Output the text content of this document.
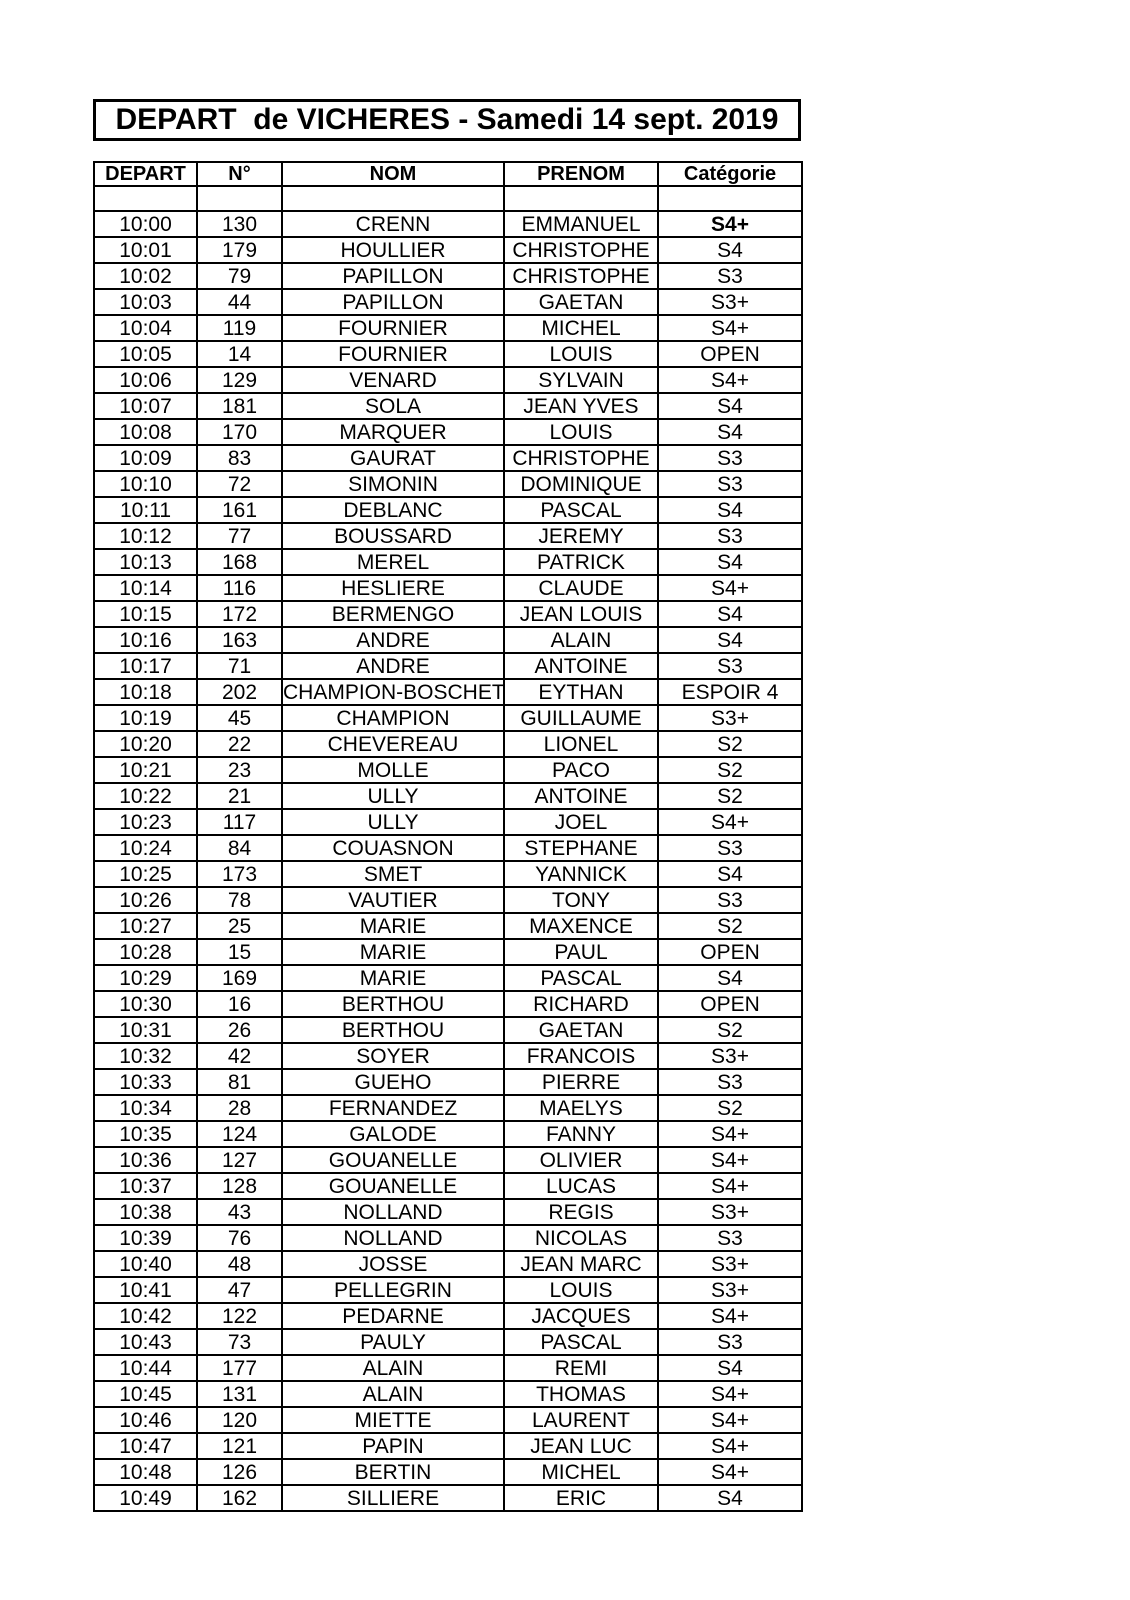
DEPART  de VICHERES - Samedi 14 sept. 2019
DEPART	N°	NOM	PRENOM	Catégorie

10:00	130	CRENN	EMMANUEL	S4+
10:01	179	HOULLIER	CHRISTOPHE	S4
10:02	79	PAPILLON	CHRISTOPHE	S3
10:03	44	PAPILLON	GAETAN	S3+
10:04	119	FOURNIER	MICHEL	S4+
10:05	14	FOURNIER	LOUIS	OPEN
10:06	129	VENARD	SYLVAIN	S4+
10:07	181	SOLA	JEAN YVES	S4
10:08	170	MARQUER	LOUIS	S4
10:09	83	GAURAT	CHRISTOPHE	S3
10:10	72	SIMONIN	DOMINIQUE	S3
10:11	161	DEBLANC	PASCAL	S4
10:12	77	BOUSSARD	JEREMY	S3
10:13	168	MEREL	PATRICK	S4
10:14	116	HESLIERE	CLAUDE	S4+
10:15	172	BERMENGO	JEAN LOUIS	S4
10:16	163	ANDRE	ALAIN	S4
10:17	71	ANDRE	ANTOINE	S3
10:18	202	CHAMPION-BOSCHET	EYTHAN	ESPOIR 4
10:19	45	CHAMPION	GUILLAUME	S3+
10:20	22	CHEVEREAU	LIONEL	S2
10:21	23	MOLLE	PACO	S2
10:22	21	ULLY	ANTOINE	S2
10:23	117	ULLY	JOEL	S4+
10:24	84	COUASNON	STEPHANE	S3
10:25	173	SMET	YANNICK	S4
10:26	78	VAUTIER	TONY	S3
10:27	25	MARIE	MAXENCE	S2
10:28	15	MARIE	PAUL	OPEN
10:29	169	MARIE	PASCAL	S4
10:30	16	BERTHOU	RICHARD	OPEN
10:31	26	BERTHOU	GAETAN	S2
10:32	42	SOYER	FRANCOIS	S3+
10:33	81	GUEHO	PIERRE	S3
10:34	28	FERNANDEZ	MAELYS	S2
10:35	124	GALODE	FANNY	S4+
10:36	127	GOUANELLE	OLIVIER	S4+
10:37	128	GOUANELLE	LUCAS	S4+
10:38	43	NOLLAND	REGIS	S3+
10:39	76	NOLLAND	NICOLAS	S3
10:40	48	JOSSE	JEAN MARC	S3+
10:41	47	PELLEGRIN	LOUIS	S3+
10:42	122	PEDARNE	JACQUES	S4+
10:43	73	PAULY	PASCAL	S3
10:44	177	ALAIN	REMI	S4
10:45	131	ALAIN	THOMAS	S4+
10:46	120	MIETTE	LAURENT	S4+
10:47	121	PAPIN	JEAN LUC	S4+
10:48	126	BERTIN	MICHEL	S4+
10:49	162	SILLIERE	ERIC	S4
